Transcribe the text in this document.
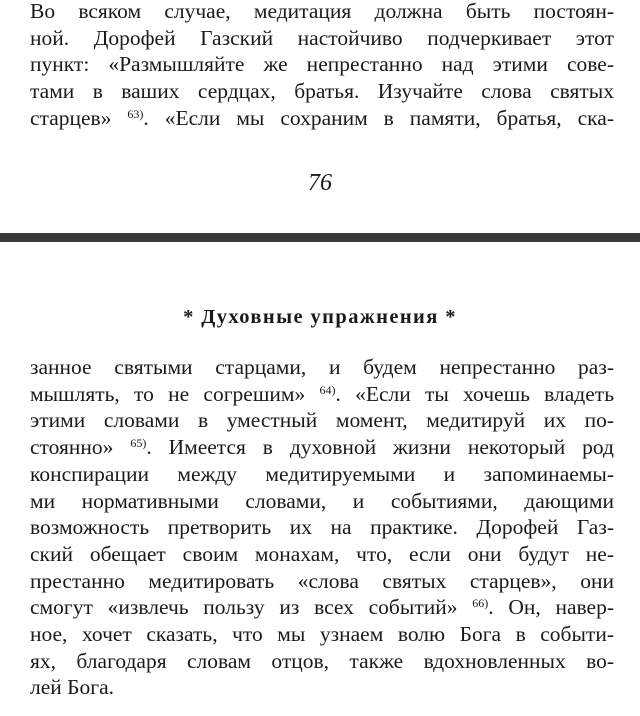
Во всяком случае, медитация должна быть постоян-
ной. Дорофей Газский настойчиво подчеркивает этот
пункт: «Размышляйте же непрестанно над этими сове-
тами в ваших сердцах, братья. Изучайте слова святых
старцев» $^{63)}$. «Если мы сохраним в памяти, братья, ска-
76
* Духовные упражнения *
занное святыми старцами, и будем непрестанно раз-
мышлять, то не согрешим» $^{64)}$. «Если ты хочешь владеть
этими словами в уместный момент, медитируй их по-
стоянно» $^{65)}$. Имеется в духовной жизни некоторый род
конспирации между медитируемыми и запоминаемы-
ми нормативными словами, и событиями, дающими
возможность претворить их на практике. Дорофей Газ-
ский обещает своим монахам, что, если они будут не-
престанно медитировать «слова святых старцев», они
смогут «извлечь пользу из всех событий» $^{66)}$. Он, навер-
ное, хочет сказать, что мы узнаем волю Бога в событи-
ях, благодаря словам отцов, также вдохновленных во-
лей Бога.
